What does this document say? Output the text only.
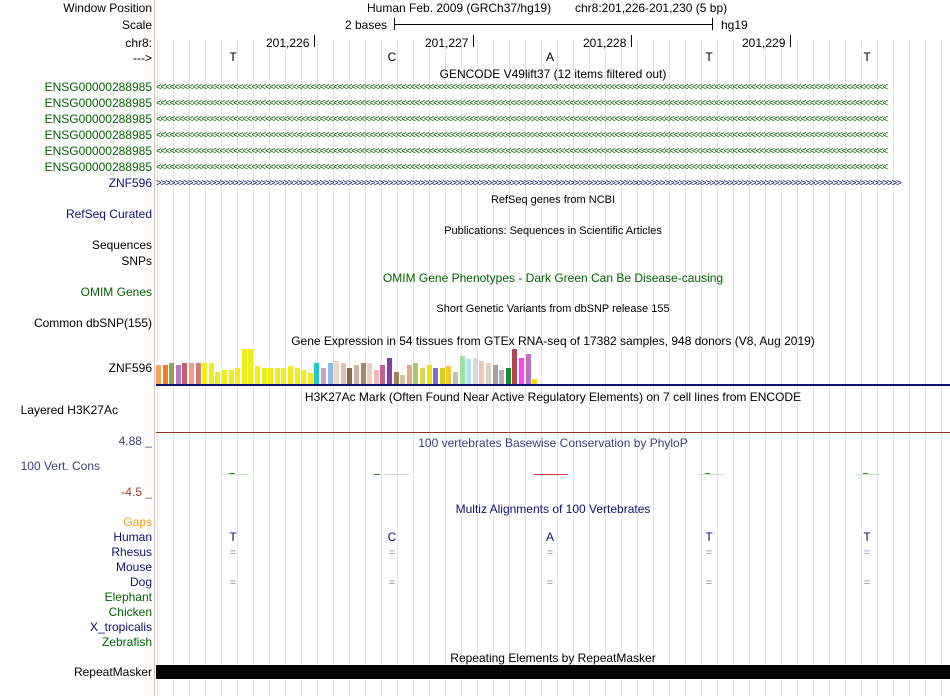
Window Position
Scale
chr8:
--->
ENSG00000288985
ENSG00000288985
ENSG00000288985
ENSG00000288985
ENSG00000288985
ENSG00000288985
ZNF596
RefSeq Curated
Sequences
SNPs
OMIM Genes
Common dbSNP(155)
ZNF596
Layered H3K27Ac
4.88 _
100 Vert. Cons
-4.5 _
Gaps
Human
Rhesus
Mouse
Dog
Elephant
Chicken
X_tropicalis
Zebrafish
RepeatMasker
Human Feb. 2009 (GRCh37/hg19) chr8:201,226-201,230 (5 bp)
2 bases	hg19
201,226	201,227	201,228	201,229
T	C	A	T	T
GENCODE V49lift37 (12 items filtered out)
<<<<<<<<<<<<<<<<<<<<<<<<<<<<<<<<<<<<<<<<<<<<<<<<<<<<<<<<<<<<<<<<<<<<<<<<<<<<<<<<<<<<<<<<<<<<<<<<<<<<<<<<<<<<<<<<<<<<<<<<<<<<<<<<<<<<<<<<<<<<<<<<<<<<<<<<<<<<<<<<<
<<<<<<<<<<<<<<<<<<<<<<<<<<<<<<<<<<<<<<<<<<<<<<<<<<<<<<<<<<<<<<<<<<<<<<<<<<<<<<<<<<<<<<<<<<<<<<<<<<<<<<<<<<<<<<<<<<<<<<<<<<<<<<<<<<<<<<<<<<<<<<<<<<<<<<<<<<<<<<<<<
<<<<<<<<<<<<<<<<<<<<<<<<<<<<<<<<<<<<<<<<<<<<<<<<<<<<<<<<<<<<<<<<<<<<<<<<<<<<<<<<<<<<<<<<<<<<<<<<<<<<<<<<<<<<<<<<<<<<<<<<<<<<<<<<<<<<<<<<<<<<<<<<<<<<<<<<<<<<<<<<<
<<<<<<<<<<<<<<<<<<<<<<<<<<<<<<<<<<<<<<<<<<<<<<<<<<<<<<<<<<<<<<<<<<<<<<<<<<<<<<<<<<<<<<<<<<<<<<<<<<<<<<<<<<<<<<<<<<<<<<<<<<<<<<<<<<<<<<<<<<<<<<<<<<<<<<<<<<<<<<<<<
<<<<<<<<<<<<<<<<<<<<<<<<<<<<<<<<<<<<<<<<<<<<<<<<<<<<<<<<<<<<<<<<<<<<<<<<<<<<<<<<<<<<<<<<<<<<<<<<<<<<<<<<<<<<<<<<<<<<<<<<<<<<<<<<<<<<<<<<<<<<<<<<<<<<<<<<<<<<<<<<<
<<<<<<<<<<<<<<<<<<<<<<<<<<<<<<<<<<<<<<<<<<<<<<<<<<<<<<<<<<<<<<<<<<<<<<<<<<<<<<<<<<<<<<<<<<<<<<<<<<<<<<<<<<<<<<<<<<<<<<<<<<<<<<<<<<<<<<<<<<<<<<<<<<<<<<<<<<<<<<<<<
>>>>>>>>>>>>>>>>>>>>>>>>>>>>>>>>>>>>>>>>>>>>>>>>>>>>>>>>>>>>>>>>>>>>>>>>>>>>>>>>>>>>>>>>>>>>>>>>>>>>>>>>>>>>>>>>>>>>>>>>>>>>>>>>>>>>>>>>>>>>>>>>>>>>>>>>>>>>>>>>>>>>
RefSeq genes from NCBI
Publications: Sequences in Scientific Articles
OMIM Gene Phenotypes - Dark Green Can Be Disease-causing
Short Genetic Variants from dbSNP release 155
Gene Expression in 54 tissues from GTEx RNA-seq of 17382 samples, 948 donors (V8, Aug 2019)
H3K27Ac Mark (Often Found Near Active Regulatory Elements) on 7 cell lines from ENCODE
100 vertebrates Basewise Conservation by PhyloP
Multiz Alignments of 100 Vertebrates
T	C	A	T	T
=	=	=	=	=
=	=	=	=	=
Repeating Elements by RepeatMasker
